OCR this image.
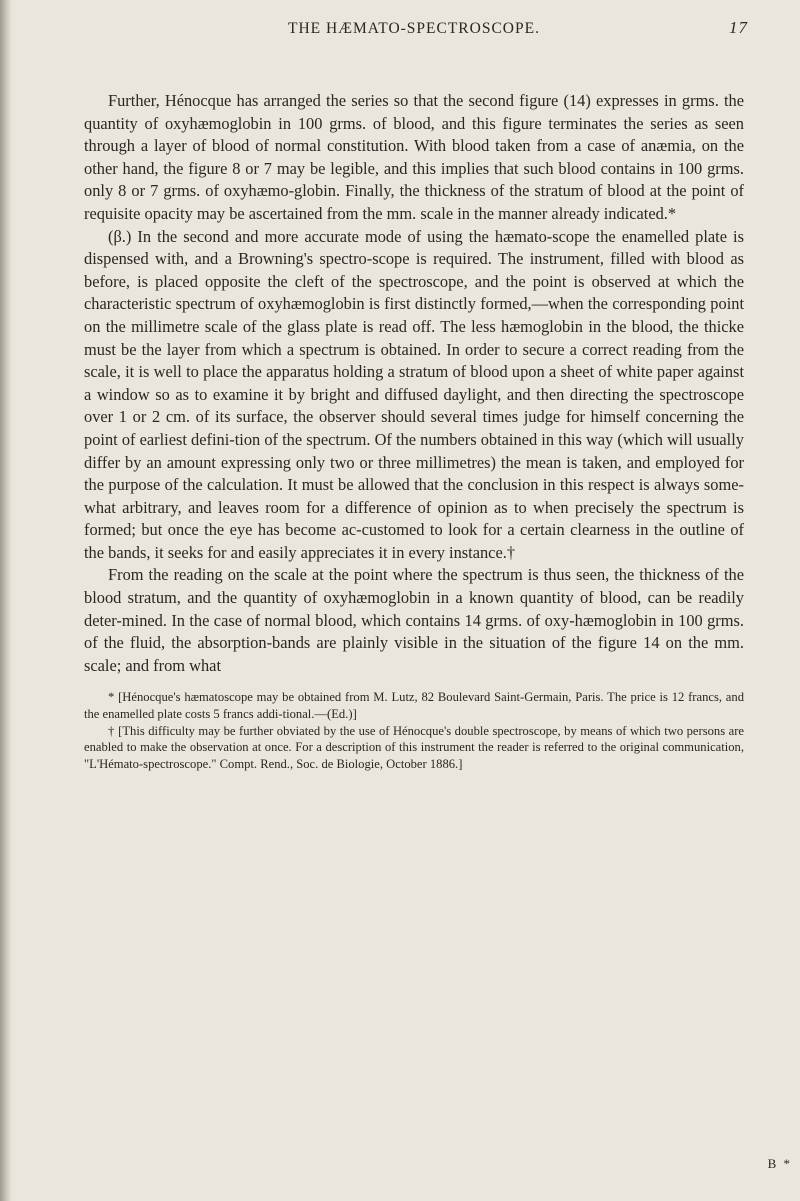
THE HÆMATO-SPECTROSCOPE.	17

Further, Hénocque has arranged the series so that the second figure (14) expresses in grms. the quantity of oxyhæmoglobin in 100 grms. of blood, and this figure terminates the series as seen through a layer of blood of normal constitution. With blood taken from a case of anæmia, on the other hand, the figure 8 or 7 may be legible, and this implies that such blood contains in 100 grms. only 8 or 7 grms. of oxyhæmo-globin. Finally, the thickness of the stratum of blood at the point of requisite opacity may be ascertained from the mm. scale in the manner already indicated.*

(β.) In the second and more accurate mode of using the hæmato-scope the enamelled plate is dispensed with, and a Browning's spectro-scope is required. The instrument, filled with blood as before, is placed opposite the cleft of the spectroscope, and the point is observed at which the characteristic spectrum of oxyhæmoglobin is first distinctly formed,—when the corresponding point on the millimetre scale of the glass plate is read off. The less hæmoglobin in the blood, the thicke must be the layer from which a spectrum is obtained. In order to secure a correct reading from the scale, it is well to place the apparatus holding a stratum of blood upon a sheet of white paper against a window so as to examine it by bright and diffused daylight, and then directing the spectroscope over 1 or 2 cm. of its surface, the observer should several times judge for himself concerning the point of earliest defini-tion of the spectrum. Of the numbers obtained in this way (which will usually differ by an amount expressing only two or three millimetres) the mean is taken, and employed for the purpose of the calculation. It must be allowed that the conclusion in this respect is always some-what arbitrary, and leaves room for a difference of opinion as to when precisely the spectrum is formed; but once the eye has become ac-customed to look for a certain clearness in the outline of the bands, it seeks for and easily appreciates it in every instance.†

From the reading on the scale at the point where the spectrum is thus seen, the thickness of the blood stratum, and the quantity of oxyhæmoglobin in a known quantity of blood, can be readily deter-mined. In the case of normal blood, which contains 14 grms. of oxy-hæmoglobin in 100 grms. of the fluid, the absorption-bands are plainly visible in the situation of the figure 14 on the mm. scale; and from what

* [Hénocque's hæmatoscope may be obtained from M. Lutz, 82 Boulevard Saint-Germain, Paris. The price is 12 francs, and the enamelled plate costs 5 francs addi-tional.—(Ed.)]

† [This difficulty may be further obviated by the use of Hénocque's double spectroscope, by means of which two persons are enabled to make the observation at once. For a description of this instrument the reader is referred to the original communication, "L'Hémato-spectroscope." Compt. Rend., Soc. de Biologie, October 1886.]

B *
